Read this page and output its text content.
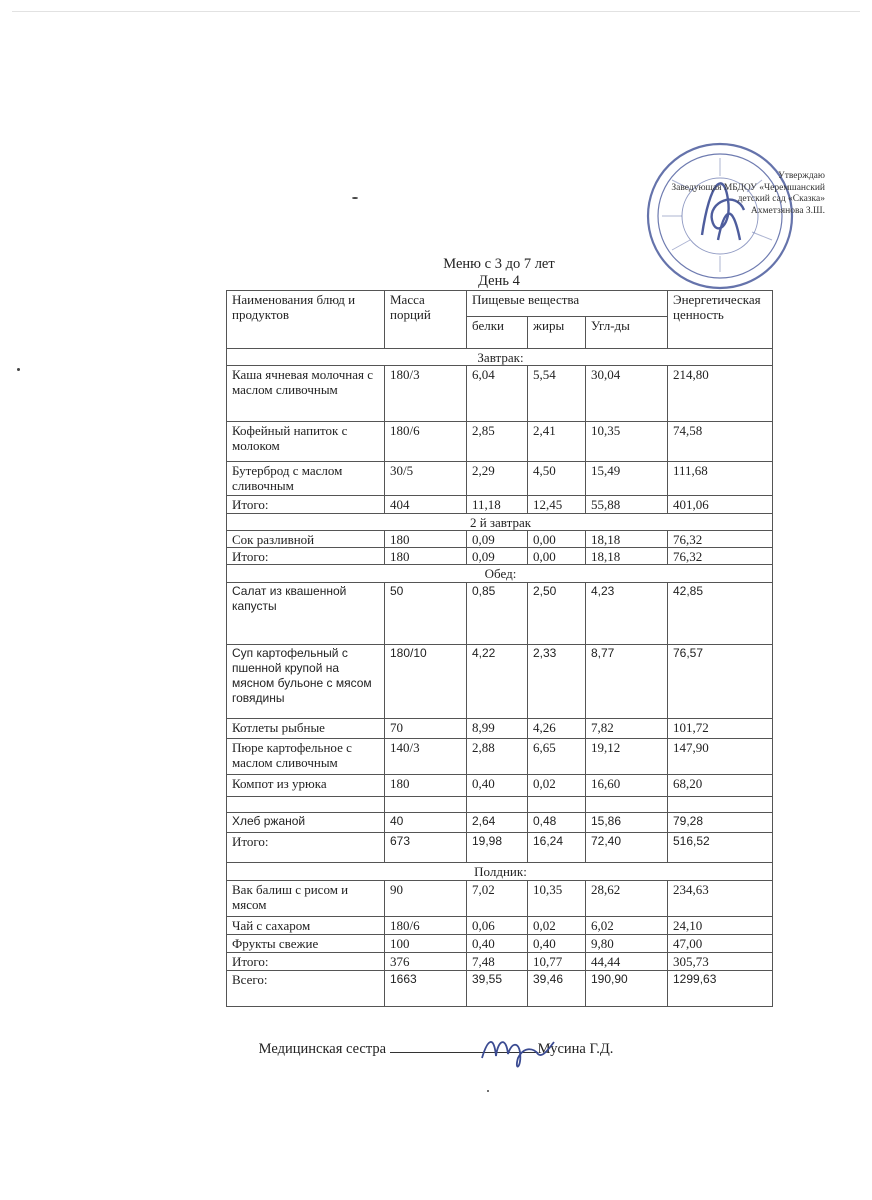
Утверждаю
Заведующая МБДОУ «Черемшанский
детский сад «Сказка»
Ахметзянова З.Ш.
Меню с 3 до 7 лет
День 4
Наименования блюд и продуктов	Масса порций	Пищевые вещества			Энергетическая ценность
		белки	жиры	Угл-ды	
Завтрак:					
Каша ячневая молочная с маслом сливочным	180/3	6,04	5,54	30,04	214,80
Кофейный напиток с молоком	180/6	2,85	2,41	10,35	74,58
Бутерброд с маслом сливочным	30/5	2,29	4,50	15,49	111,68
Итого:	404	11,18	12,45	55,88	401,06
2 й завтрак					
Сок разливной	180	0,09	0,00	18,18	76,32
Итого:	180	0,09	0,00	18,18	76,32
Обед:					
Салат из квашенной капусты	50	0,85	2,50	4,23	42,85
Суп картофельный с пшенной крупой на мясном бульоне с мясом говядины	180/10	4,22	2,33	8,77	76,57
Котлеты рыбные	70	8,99	4,26	7,82	101,72
Пюре картофельное с маслом сливочным	140/3	2,88	6,65	19,12	147,90
Компот из урюка	180	0,40	0,02	16,60	68,20

Хлеб ржаной	40	2,64	0,48	15,86	79,28
Итого:	673	19,98	16,24	72,40	516,52
Полдник:					
Вак балиш с рисом и мясом	90	7,02	10,35	28,62	234,63
Чай с сахаром	180/6	0,06	0,02	6,02	24,10
Фрукты свежие	100	0,40	0,40	9,80	47,00
Итого:	376	7,48	10,77	44,44	305,73
Всего:	1663	39,55	39,46	190,90	1299,63
Медицинская сестра	Мусина Г.Д.
